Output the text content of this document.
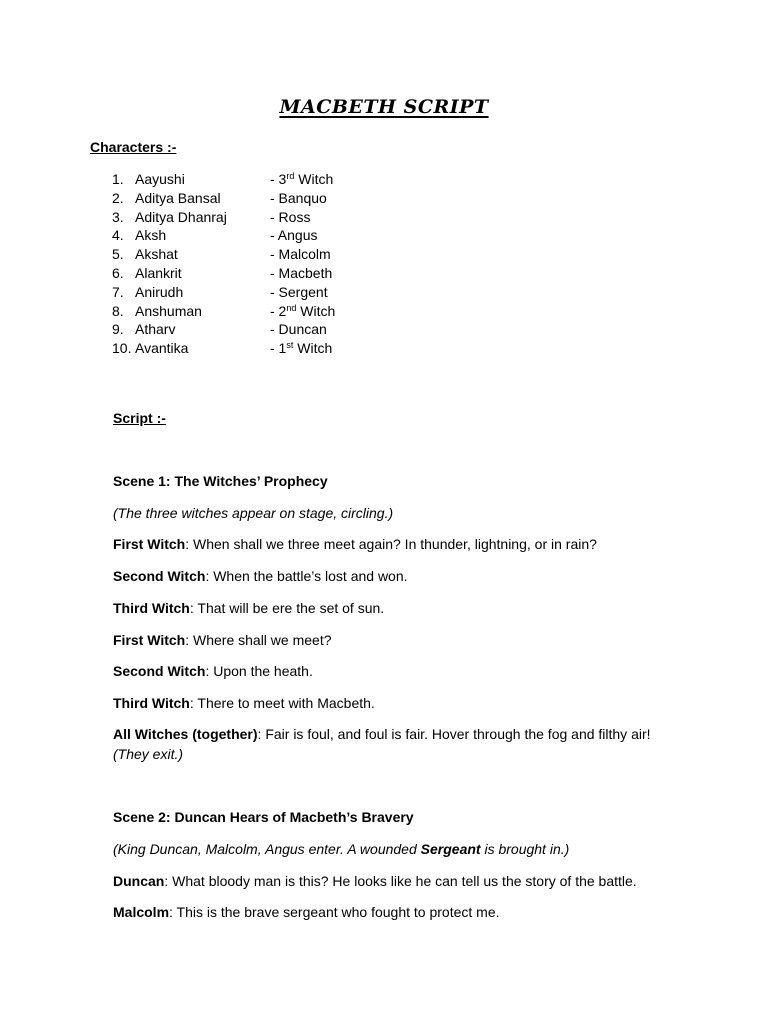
MACBETH SCRIPT
Characters :-
1. Aayushi	- 3rd Witch
2. Aditya Bansal	- Banquo
3. Aditya Dhanraj	- Ross
4. Aksh	- Angus
5. Akshat	- Malcolm
6. Alankrit	- Macbeth
7. Anirudh	- Sergent
8. Anshuman	- 2nd Witch
9. Atharv	- Duncan
10. Avantika	- 1st Witch
Script :-
Scene 1: The Witches’ Prophecy
(The three witches appear on stage, circling.)
First Witch: When shall we three meet again? In thunder, lightning, or in rain?
Second Witch: When the battle’s lost and won.
Third Witch: That will be ere the set of sun.
First Witch: Where shall we meet?
Second Witch: Upon the heath.
Third Witch: There to meet with Macbeth.
All Witches (together): Fair is foul, and foul is fair. Hover through the fog and filthy air!
(They exit.)
Scene 2: Duncan Hears of Macbeth’s Bravery
(King Duncan, Malcolm, Angus enter. A wounded Sergeant is brought in.)
Duncan: What bloody man is this? He looks like he can tell us the story of the battle.
Malcolm: This is the brave sergeant who fought to protect me.
